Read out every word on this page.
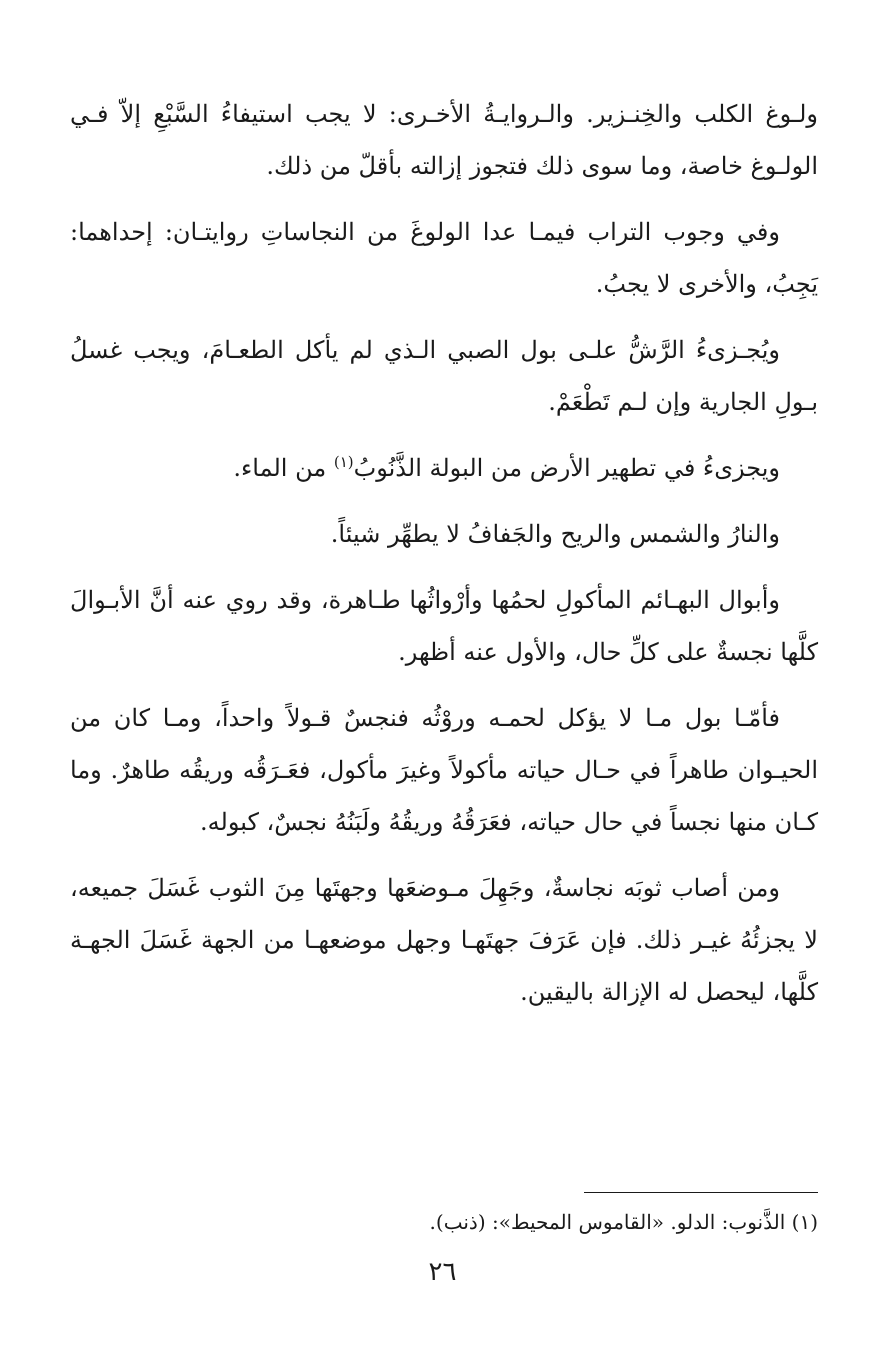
ولـوغ الكلب والخِنـزير. والـروايـةُ الأخـرى: لا يجب استيفاءُ السَّبْعِ إلاّ فـي الولـوغ خاصة، وما سوى ذلك فتجوز إزالته بأقلّ من ذلك.

وفي وجوب التراب فيمـا عدا الولوغَ من النجاساتِ روايتـان: إحداهما: يَجِبُ، والأخرى لا يجبُ.

ويُجـزىءُ الرَّشُّ علـى بول الصبي الـذي لم يأكل الطعـامَ، ويجب غسلُ بـولِ الجارية وإن لـم تَطْعَمْ.

ويجزىءُ في تطهير الأرض من البولة الذَّنُوبُ$^{(١)}$ من الماء.

والنارُ والشمس والريح والجَفافُ لا يطهِّر شيئاً.

وأبوال البهـائم المأكولِ لحمُها وأرْواثُها طـاهرة، وقد روي عنه أنَّ الأبـوالَ كلَّها نجسةٌ على كلِّ حال، والأول عنه أظهر.

فأمّـا بول مـا لا يؤكل لحمـه وروْثُه فنجسٌ قـولاً واحداً، ومـا كان من الحيـوان طاهراً في حـال حياته مأكولاً وغيرَ مأكول، فعَـرَقُه وريقُه طاهرٌ. وما كـان منها نجساً في حال حياته، فعَرَقُهُ وريقُهُ ولَبَنُهُ نجسٌ، كبوله.

ومن أصاب ثوبَه نجاسةٌ، وجَهِلَ مـوضعَها وجهتَها مِنَ الثوب غَسَلَ جميعه، لا يجزئُهُ غيـر ذلك. فإن عَرَفَ جهتَهـا وجهل موضعهـا من الجهة غَسَلَ الجهـة كلَّها، ليحصل له الإزالة باليقين.

(١) الذَّنوب: الدلو. «القاموس المحيط»: (ذنب).

٢٦
